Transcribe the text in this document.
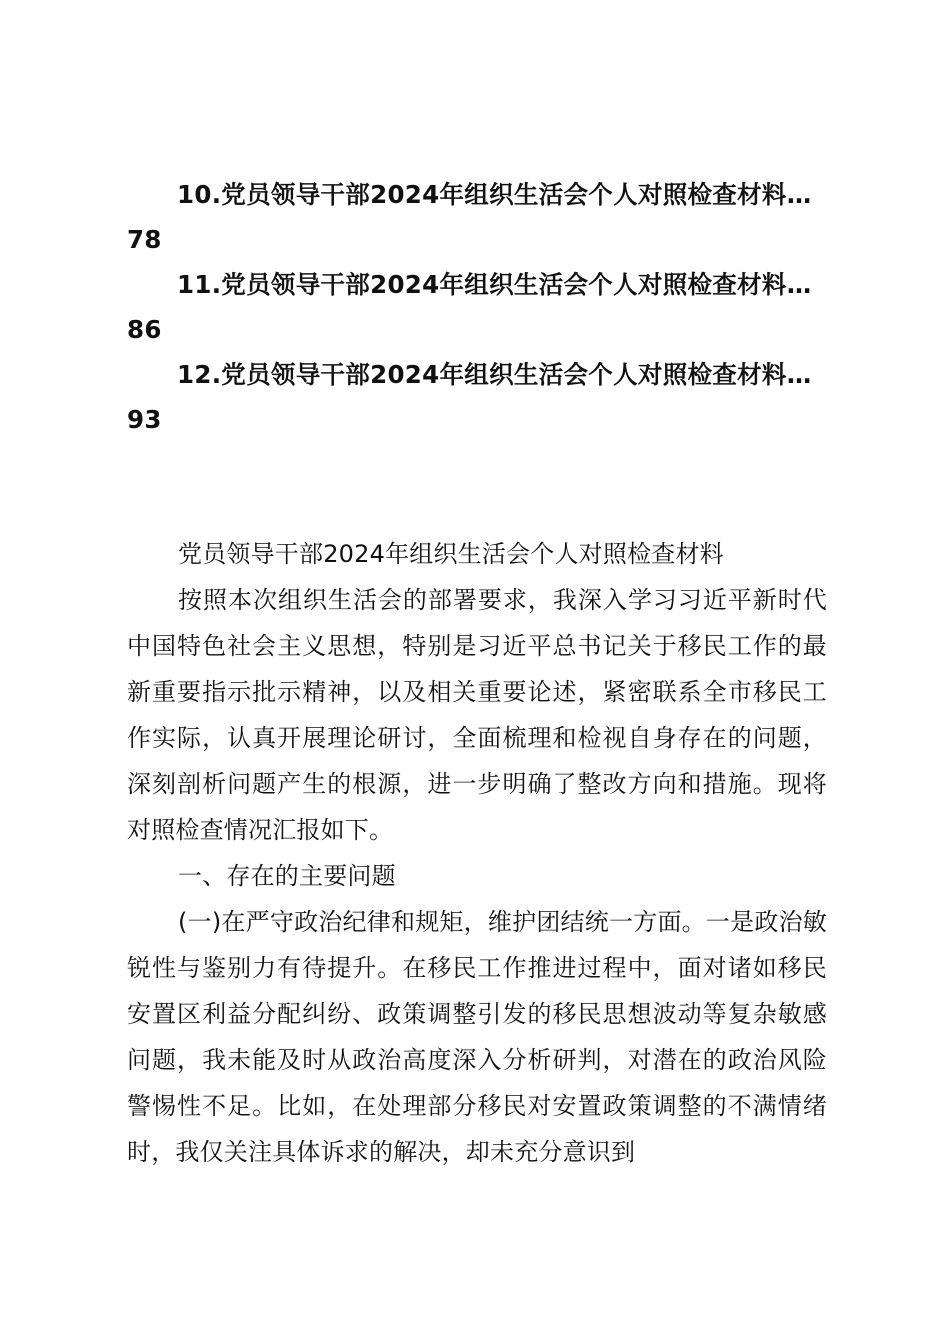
10.党员领导干部2024年组织生活会个人对照检查材料…78

11.党员领导干部2024年组织生活会个人对照检查材料…86

12.党员领导干部2024年组织生活会个人对照检查材料…93

党员领导干部2024年组织生活会个人对照检查材料

按照本次组织生活会的部署要求，我深入学习习近平新时代中国特色社会主义思想，特别是习近平总书记关于移民工作的最新重要指示批示精神，以及相关重要论述，紧密联系全市移民工作实际，认真开展理论研讨，全面梳理和检视自身存在的问题，深刻剖析问题产生的根源，进一步明确了整改方向和措施。现将对照检查情况汇报如下。

一、存在的主要问题

(一)在严守政治纪律和规矩，维护团结统一方面。一是政治敏锐性与鉴别力有待提升。在移民工作推进过程中，面对诸如移民安置区利益分配纠纷、政策调整引发的移民思想波动等复杂敏感问题，我未能及时从政治高度深入分析研判，对潜在的政治风险警惕性不足。比如，在处理部分移民对安置政策调整的不满情绪时，我仅关注具体诉求的解决，却未充分意识到
